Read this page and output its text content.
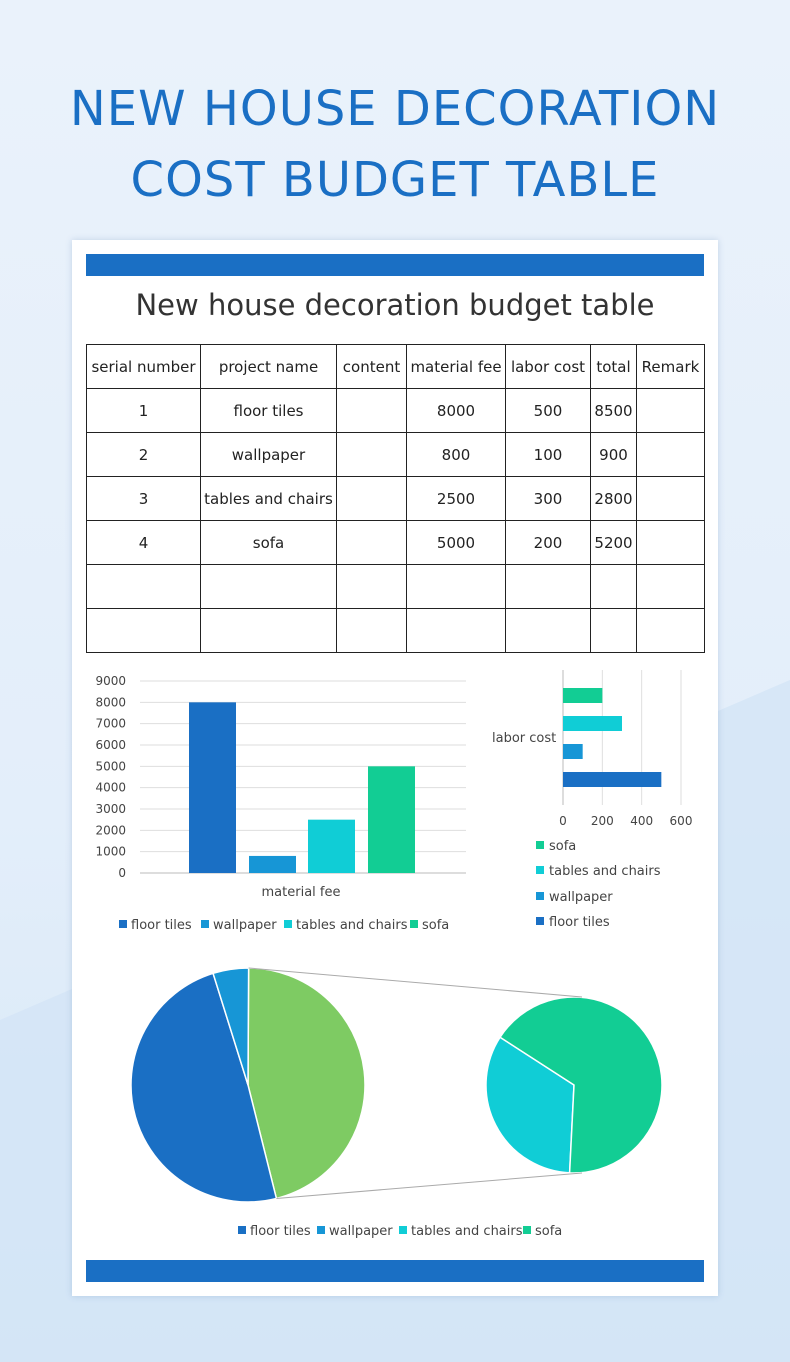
NEW HOUSE DECORATION
COST BUDGET TABLE
New house decoration budget table
serial number	project name	content	material fee	labor cost	total	Remark
1	floor tiles		8000	500	8500	
2	wallpaper		800	100	900	
3	tables and chairs		2500	300	2800	
4	sofa		5000	200	5200	

0
1000
2000
3000
4000
5000
6000
7000
8000
9000
material fee
floor tiles wallpaper tables and chairs sofa
0 200 400 600
labor cost
sofa
tables and chairs
wallpaper
floor tiles
floor tiles wallpaper tables and chairs sofa
